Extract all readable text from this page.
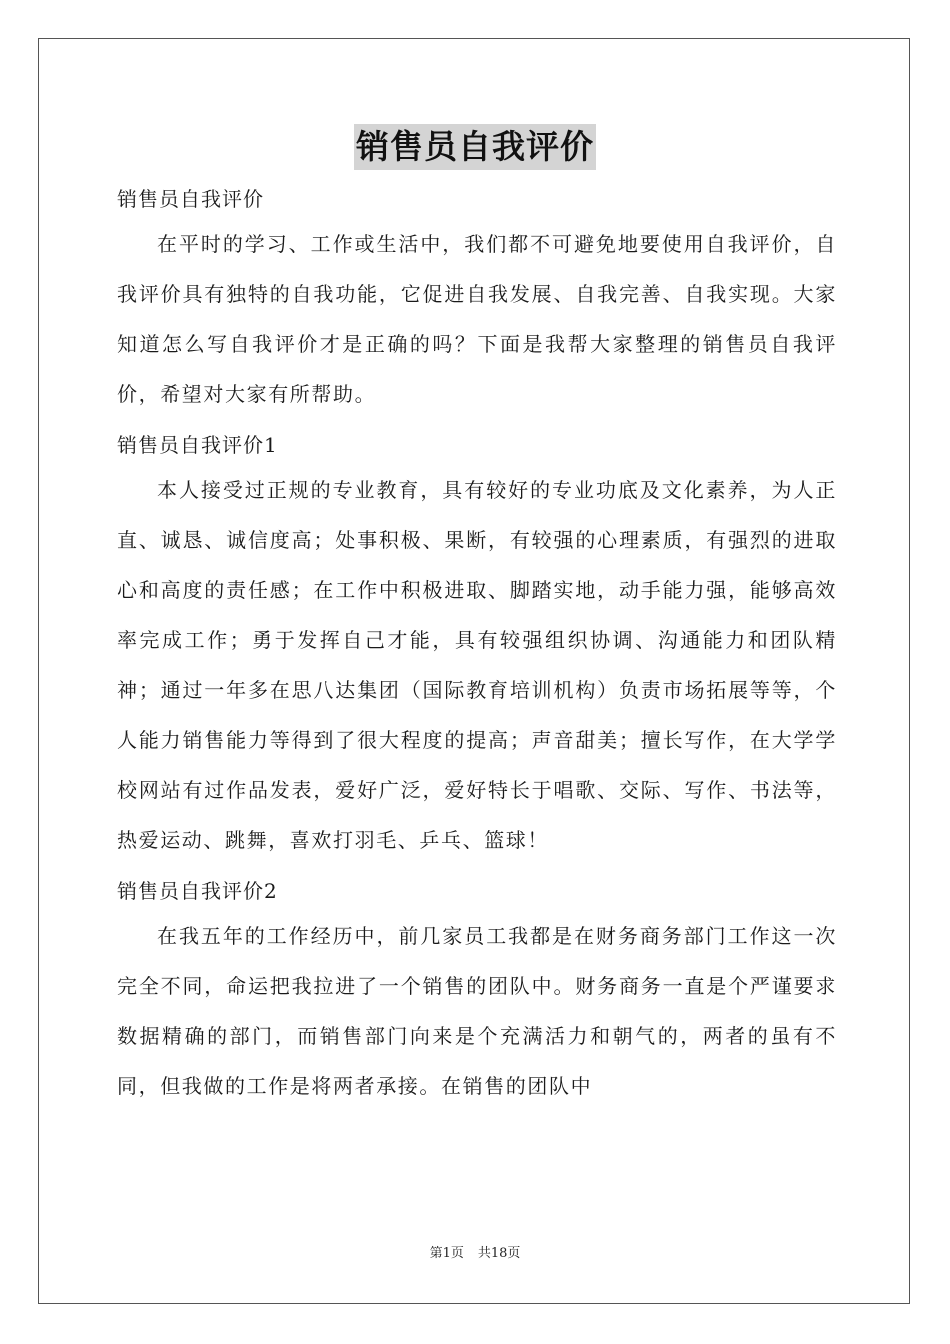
销售员自我评价

销售员自我评价

在平时的学习、工作或生活中，我们都不可避免地要使用自我评价，自我评价具有独特的自我功能，它促进自我发展、自我完善、自我实现。大家知道怎么写自我评价才是正确的吗？下面是我帮大家整理的销售员自我评价，希望对大家有所帮助。

销售员自我评价1

本人接受过正规的专业教育，具有较好的专业功底及文化素养，为人正直、诚恳、诚信度高；处事积极、果断，有较强的心理素质，有强烈的进取心和高度的责任感；在工作中积极进取、脚踏实地，动手能力强，能够高效率完成工作；勇于发挥自己才能，具有较强组织协调、沟通能力和团队精神；通过一年多在思八达集团（国际教育培训机构）负责市场拓展等等，个人能力销售能力等得到了很大程度的提高；声音甜美；擅长写作，在大学学校网站有过作品发表，爱好广泛，爱好特长于唱歌、交际、写作、书法等，热爱运动、跳舞，喜欢打羽毛、乒乓、篮球！

销售员自我评价2

在我五年的工作经历中，前几家员工我都是在财务商务部门工作这一次完全不同，命运把我拉进了一个销售的团队中。财务商务一直是个严谨要求数据精确的部门，而销售部门向来是个充满活力和朝气的，两者的虽有不同，但我做的工作是将两者承接。在销售的团队中

第1页 共18页
